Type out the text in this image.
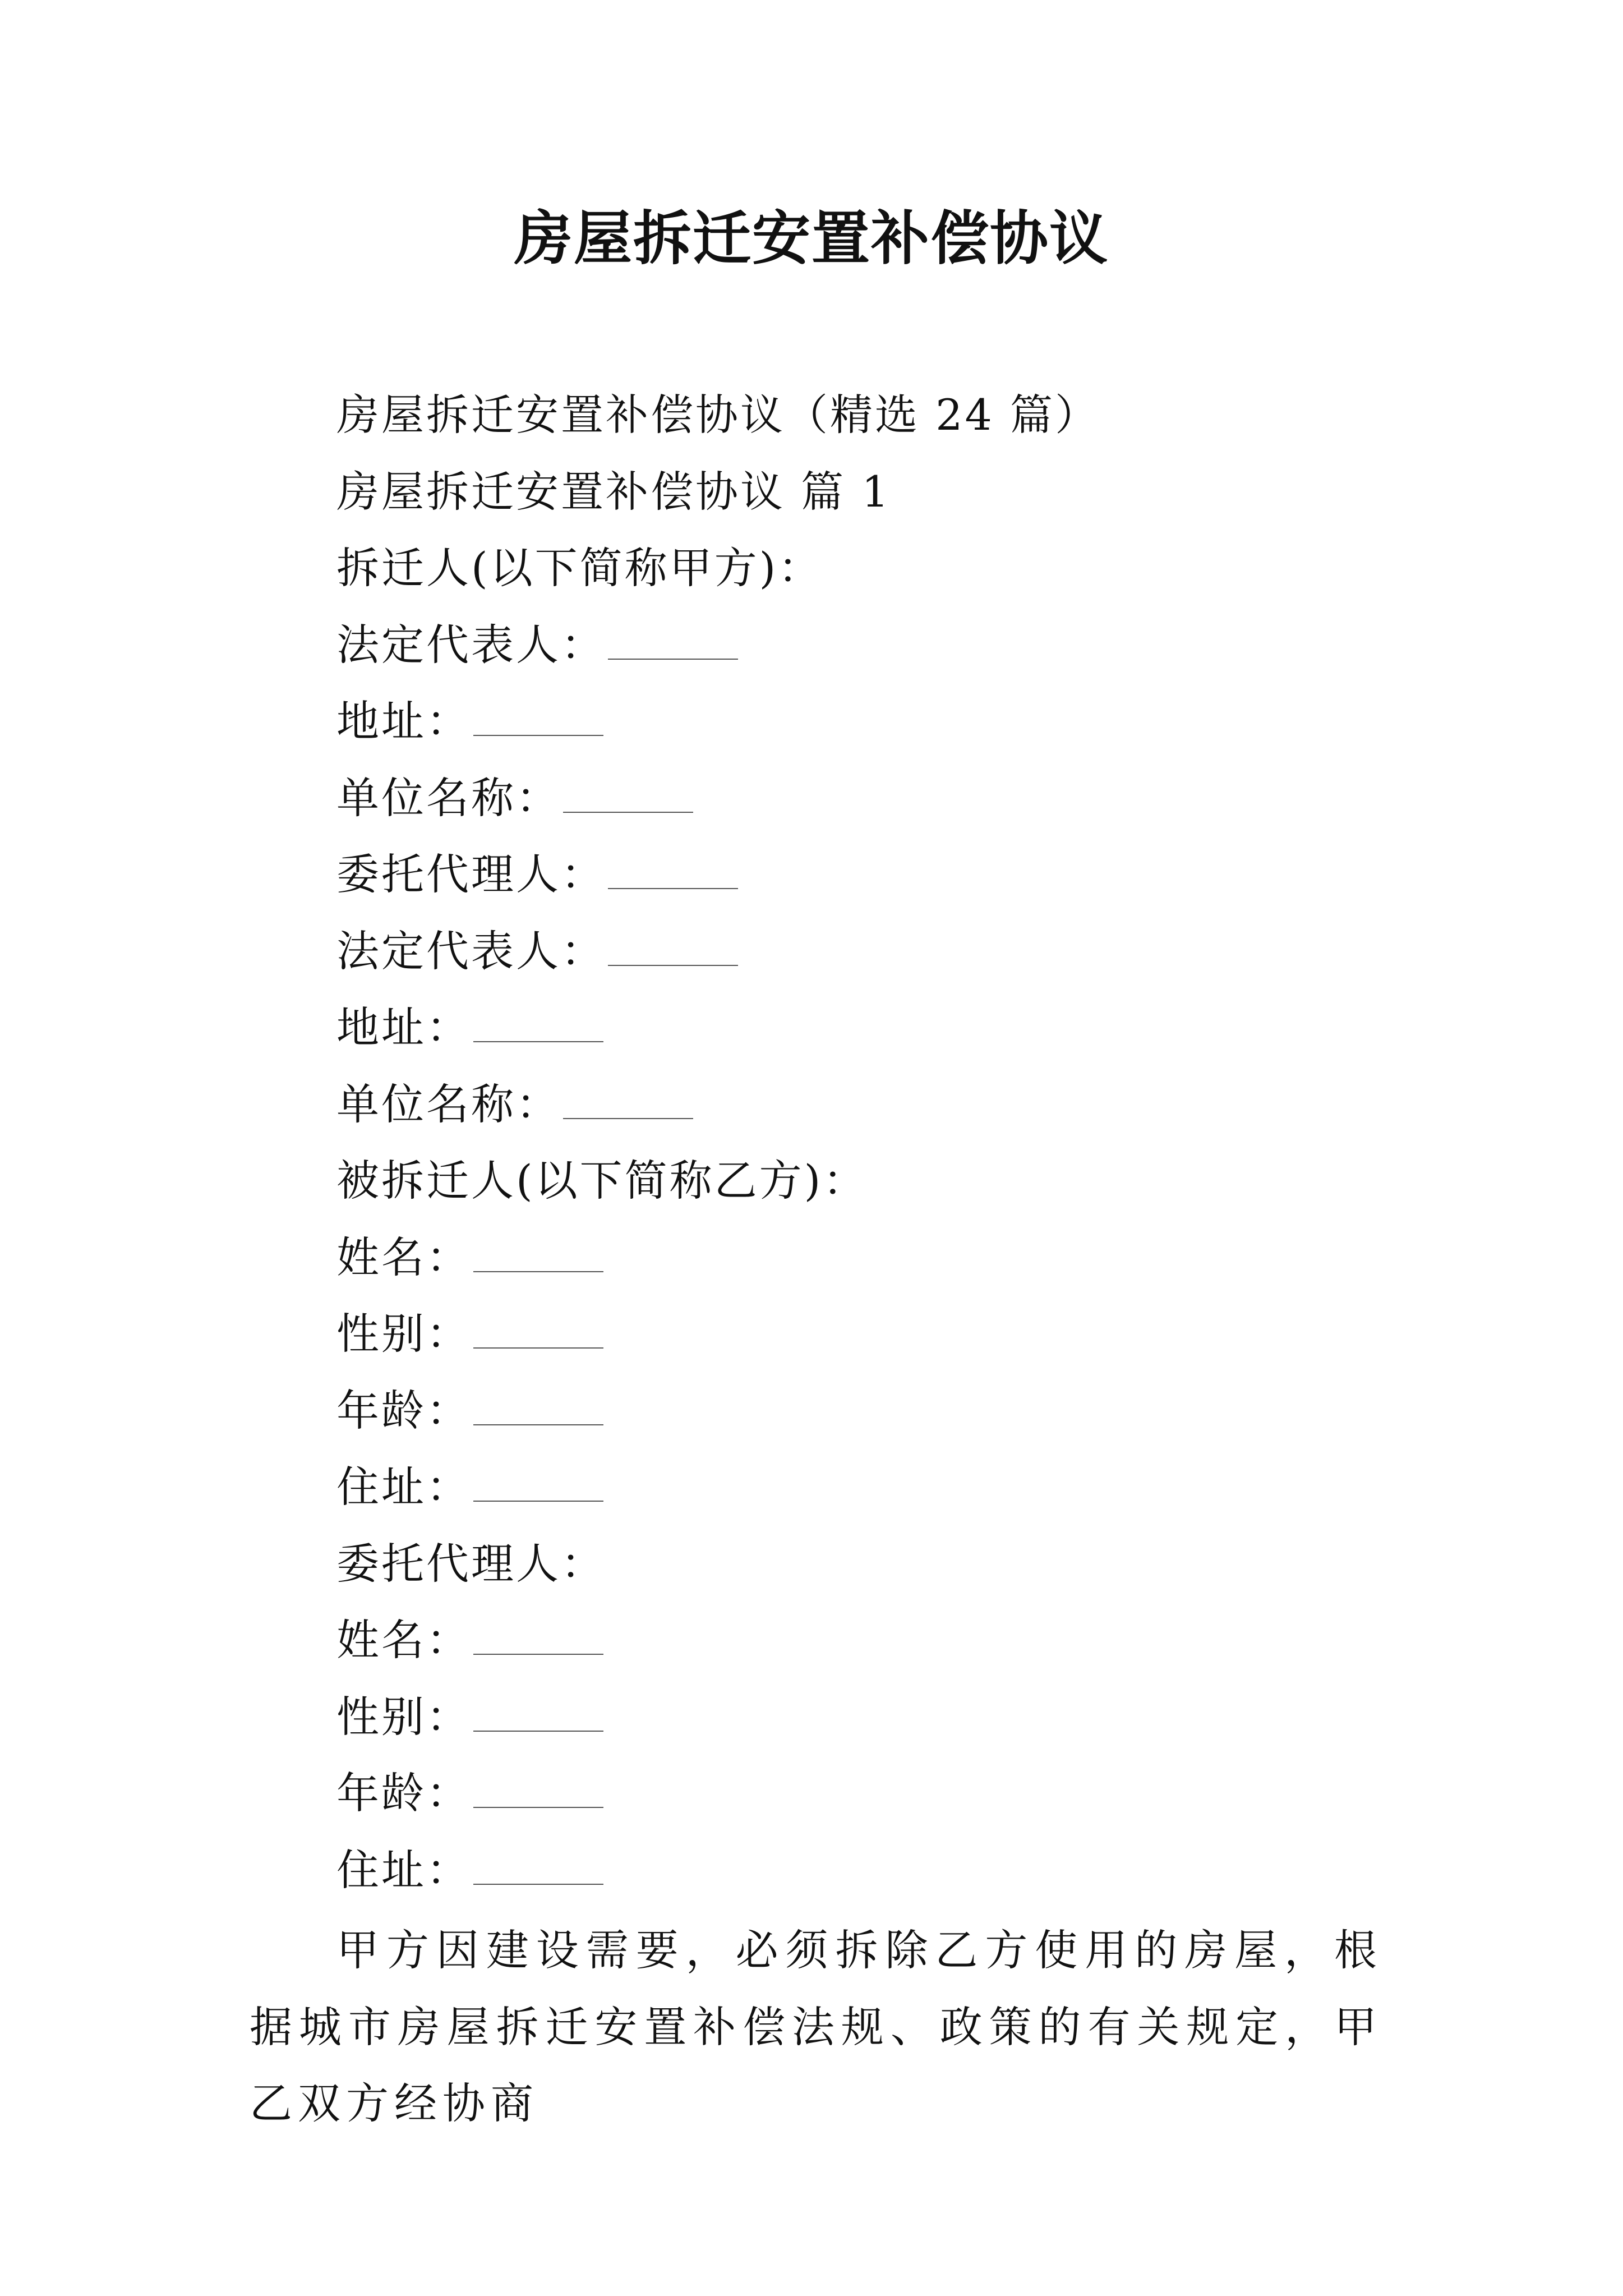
房屋拆迁安置补偿协议
房屋拆迁安置补偿协议（精选 24 篇）
房屋拆迁安置补偿协议 篇 1
拆迁人(以下简称甲方)：
法定代表人：
地址：
单位名称：
委托代理人：
法定代表人：
地址：
单位名称：
被拆迁人(以下简称乙方)：
姓名：
性别：
年龄：
住址：
委托代理人：
姓名：
性别：
年龄：
住址：
甲方因建设需要，必须拆除乙方使用的房屋，根据城市房屋拆迁安置补偿法规、政策的有关规定，甲乙双方经协商
